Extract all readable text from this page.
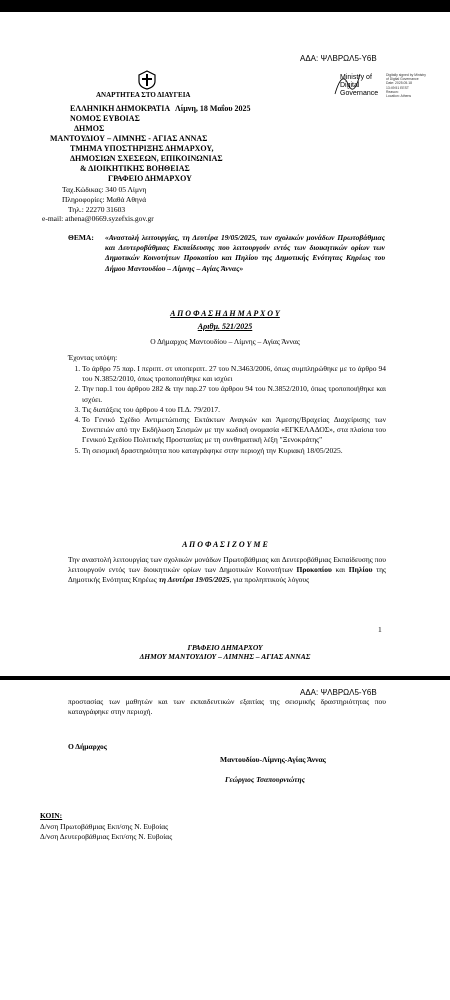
ΑΔΑ: ΨΛΒΡΩΛ5-Υ6Β
ΑΝΑΡΤΗΤΕΑ ΣΤΟ ΔΙΑΥΓΕΙΑ
Ministry of
Digital
Governance
Digitally signed by Ministry
of Digital Governance
Date: 2025.05.18
13:49:51 EEST
Reason:
Location: Athens
ΕΛΛΗΝΙΚΗ ΔΗΜΟΚΡΑΤΙΑ Λίμνη, 18 Μαΐου 2025
ΝΟΜΟΣ ΕΥΒΟΙΑΣ
ΔΗΜΟΣ
ΜΑΝΤΟΥΔΙΟΥ – ΛΙΜΝΗΣ - ΑΓΙΑΣ ΑΝΝΑΣ
ΤΜΗΜΑ ΥΠΟΣΤΗΡΙΞΗΣ ΔΗΜΑΡΧΟΥ,
ΔΗΜΟΣΙΩΝ ΣΧΕΣΕΩΝ, ΕΠΙΚΟΙΝΩΝΙΑΣ
& ΔΙΟΙΚΗΤΙΚΗΣ ΒΟΗΘΕΙΑΣ
ΓΡΑΦΕΙΟ ΔΗΜΑΡΧΟΥ
Ταχ.Κώδικας: 340 05 Λίμνη
Πληροφορίες: Μαθά Αθηνά
Τηλ.: 22270 31603
e-mail: athena@0669.syzefxis.gov.gr
ΘΕΜΑ: «Αναστολή λειτουργίας, τη Δευτέρα 19/05/2025, των σχολικών μονάδων Πρωτοβάθμιας και Δευτεροβάθμιας Εκπαίδευσης που λειτουργούν εντός των διοικητικών ορίων των Δημοτικών Κοινοτήτων Προκοπίου και Πηλίου της Δημοτικής Ενότητας Κηρέως του Δήμου Μαντουδίου – Λίμνης – Αγίας Άννας»
Α Π Ο Φ Α Σ Η Δ Η Μ Α Ρ Χ Ο Υ
Αριθμ. 521/2025
Ο Δήμαρχος Μαντουδίου – Λίμνης – Αγίας Άννας
Έχοντας υπόψη:
1. Το άρθρο 75 παρ. Ι περιπτ. στ υποπεριπτ. 27 του Ν.3463/2006, όπως συμπληρώθηκε με το άρθρο 94 του Ν.3852/2010, όπως τροποποιήθηκε και ισχύει
2. Την παρ.1 του άρθρου 282 & την παρ.27 του άρθρου 94 του Ν.3852/2010, όπως τροποποιήθηκε και ισχύει.
3. Τις διατάξεις του άρθρου 4 του Π.Δ. 79/2017.
4. Το Γενικό Σχέδιο Αντιμετώπισης Εκτάκτων Αναγκών και Άμεσης/Βραχείας Διαχείρισης των Συνεπειών από την Εκδήλωση Σεισμών με την κωδική ονομασία «ΕΓΚΕΛΑΔΟΣ», στα πλαίσια του Γενικού Σχεδίου Πολιτικής Προστασίας με τη συνθηματική λέξη "Ξενοκράτης"
5. Τη σεισμική δραστηριότητα που καταγράφηκε στην περιοχή την Κυριακή 18/05/2025.
Α Π Ο Φ Α Σ Ι Ζ Ο Υ Μ Ε
Την αναστολή λειτουργίας των σχολικών μονάδων Πρωτοβάθμιας και Δευτεροβάθμιας Εκπαίδευσης που λειτουργούν εντός των διοικητικών ορίων των Δημοτικών Κοινοτήτων Προκοπίου και Πηλίου της Δημοτικής Ενότητας Κηρέως τη Δευτέρα 19/05/2025, για προληπτικούς λόγους
1
ΓΡΑΦΕΙΟ ΔΗΜΑΡΧΟΥ
ΔΗΜΟΥ ΜΑΝΤΟΥΔΙΟΥ – ΛΙΜΝΗΣ – ΑΓΙΑΣ ΑΝΝΑΣ
ΑΔΑ: ΨΛΒΡΩΛ5-Υ6Β
προστασίας των μαθητών και των εκπαιδευτικών εξαιτίας της σεισμικής δραστηριότητας που καταγράφηκε στην περιοχή.
Ο Δήμαρχος
Μαντουδίου-Λίμνης-Αγίας Άννας
Γεώργιος Τσαπουρνιώτης
ΚΟΙΝ:
Δ/νση Πρωτοβάθμιας Εκπ/σης Ν. Ευβοίας
Δ/νση Δευτεροβάθμιας Εκπ/σης Ν. Ευβοίας
